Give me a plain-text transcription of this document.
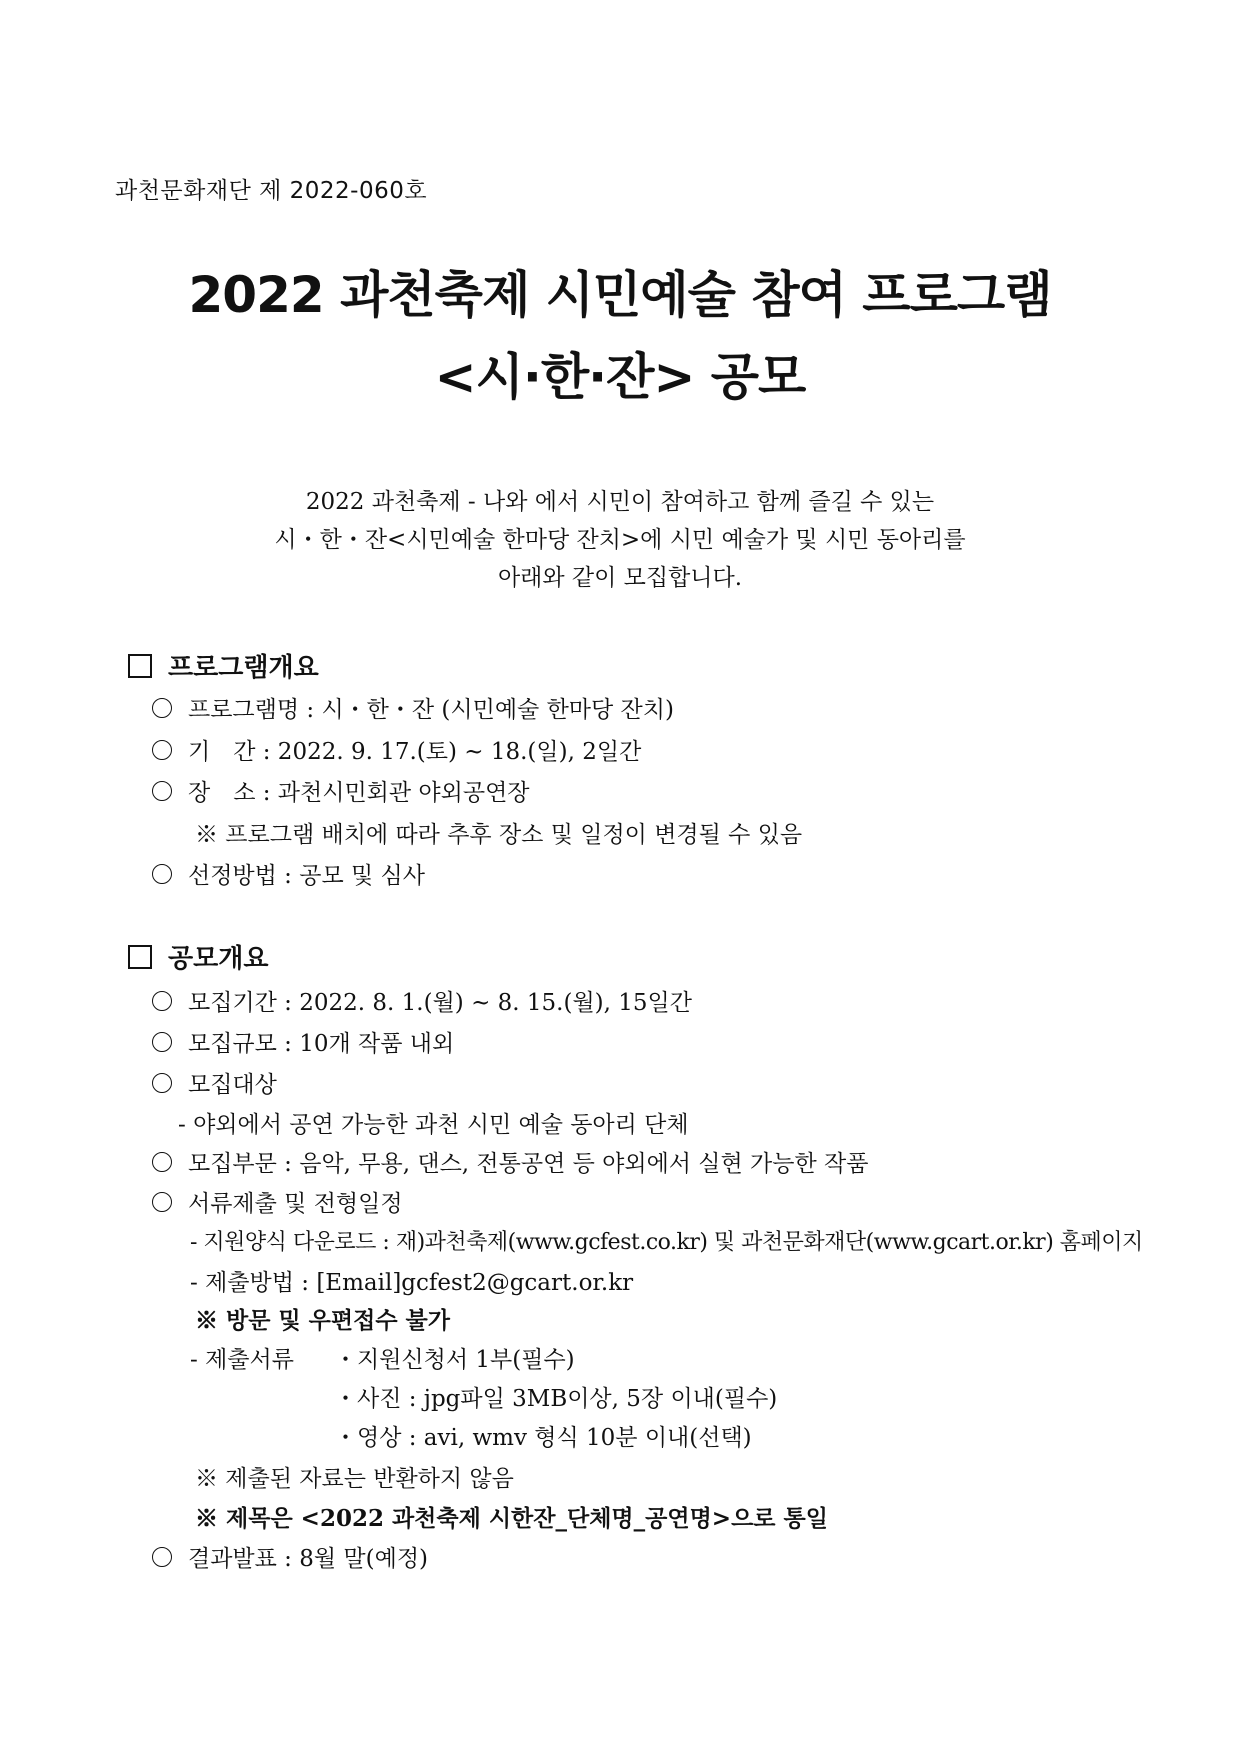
과천문화재단 제 2022-060호
2022 과천축제 시민예술 참여 프로그램
<시·한·잔> 공모
2022 과천축제 - 나와 에서 시민이 참여하고 함께 즐길 수 있는
시・한・잔<시민예술 한마당 잔치>에 시민 예술가 및 시민 동아리를
아래와 같이 모집합니다.
프로그램개요
프로그램명 : 시・한・잔 (시민예술 한마당 잔치)
기　간 : 2022. 9. 17.(토) ~ 18.(일), 2일간
장　소 : 과천시민회관 야외공연장
※ 프로그램 배치에 따라 추후 장소 및 일정이 변경될 수 있음
선정방법 : 공모 및 심사
공모개요
모집기간 : 2022. 8. 1.(월) ~ 8. 15.(월), 15일간
모집규모 : 10개 작품 내외
모집대상
- 야외에서 공연 가능한 과천 시민 예술 동아리 단체
모집부문 : 음악, 무용, 댄스, 전통공연 등 야외에서 실현 가능한 작품
서류제출 및 전형일정
- 지원양식 다운로드 : 재)과천축제(www.gcfest.co.kr) 및 과천문화재단(www.gcart.or.kr) 홈페이지
- 제출방법 : [Email]gcfest2@gcart.or.kr
※ 방문 및 우편접수 불가
- 제출서류 ・지원신청서 1부(필수)
・사진 : jpg파일 3MB이상, 5장 이내(필수)
・영상 : avi, wmv 형식 10분 이내(선택)
※ 제출된 자료는 반환하지 않음
※ 제목은 <2022 과천축제 시한잔_단체명_공연명>으로 통일
결과발표 : 8월 말(예정)
